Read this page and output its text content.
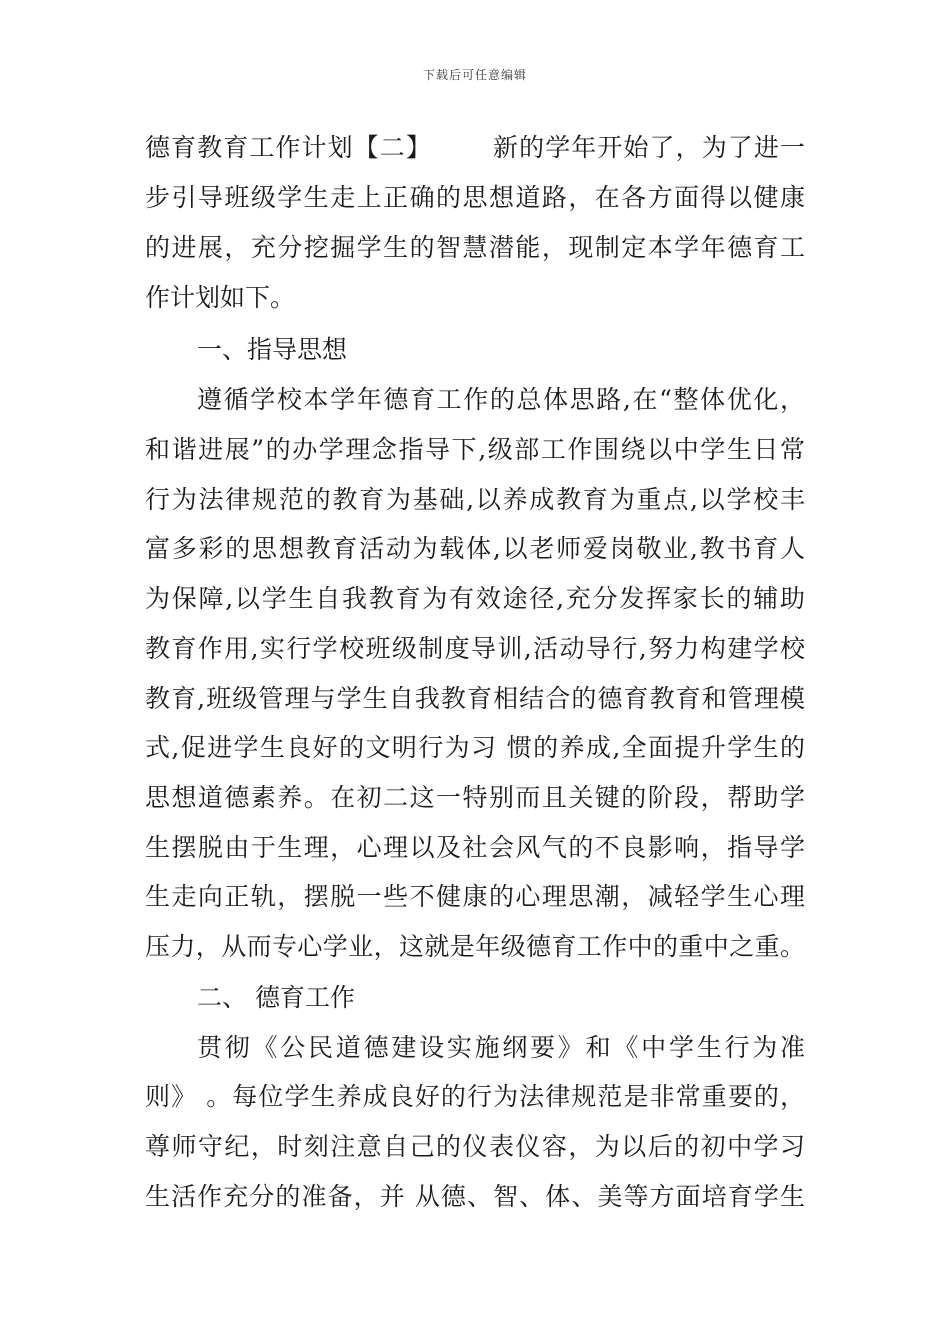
下载后可任意编辑
德育教育工作计划【二】 新的学年开始了，为了进一
步引导班级学生走上正确的思想道路，在各方面得以健康
的进展，充分挖掘学生的智慧潜能，现制定本学年德育工
作计划如下。
一、指导思想
遵循学校本学年德育工作的总体思路,在“整体优化，
和谐进展”的办学理念指导下,级部工作围绕以中学生日常
行为法律规范的教育为基础,以养成教育为重点,以学校丰
富多彩的思想教育活动为载体,以老师爱岗敬业,教书育人
为保障,以学生自我教育为有效途径,充分发挥家长的辅助
教育作用,实行学校班级制度导训,活动导行,努力构建学校
教育,班级管理与学生自我教育相结合的德育教育和管理模
式,促进学生良好的文明行为习 惯的养成,全面提升学生的
思想道德素养。在初二这一特别而且关键的阶段，帮助学
生摆脱由于生理，心理以及社会风气的不良影响，指导学
生走向正轨，摆脱一些不健康的心理思潮，减轻学生心理
压力，从而专心学业，这就是年级德育工作中的重中之重。
二、 德育工作
贯彻《公民道德建设实施纲要》和《中学生行为准
则》 。每位学生养成良好的行为法律规范是非常重要的，
尊师守纪，时刻注意自己的仪表仪容，为以后的初中学习
生活作充分的准备，并 从德、智、体、美等方面培育学生
